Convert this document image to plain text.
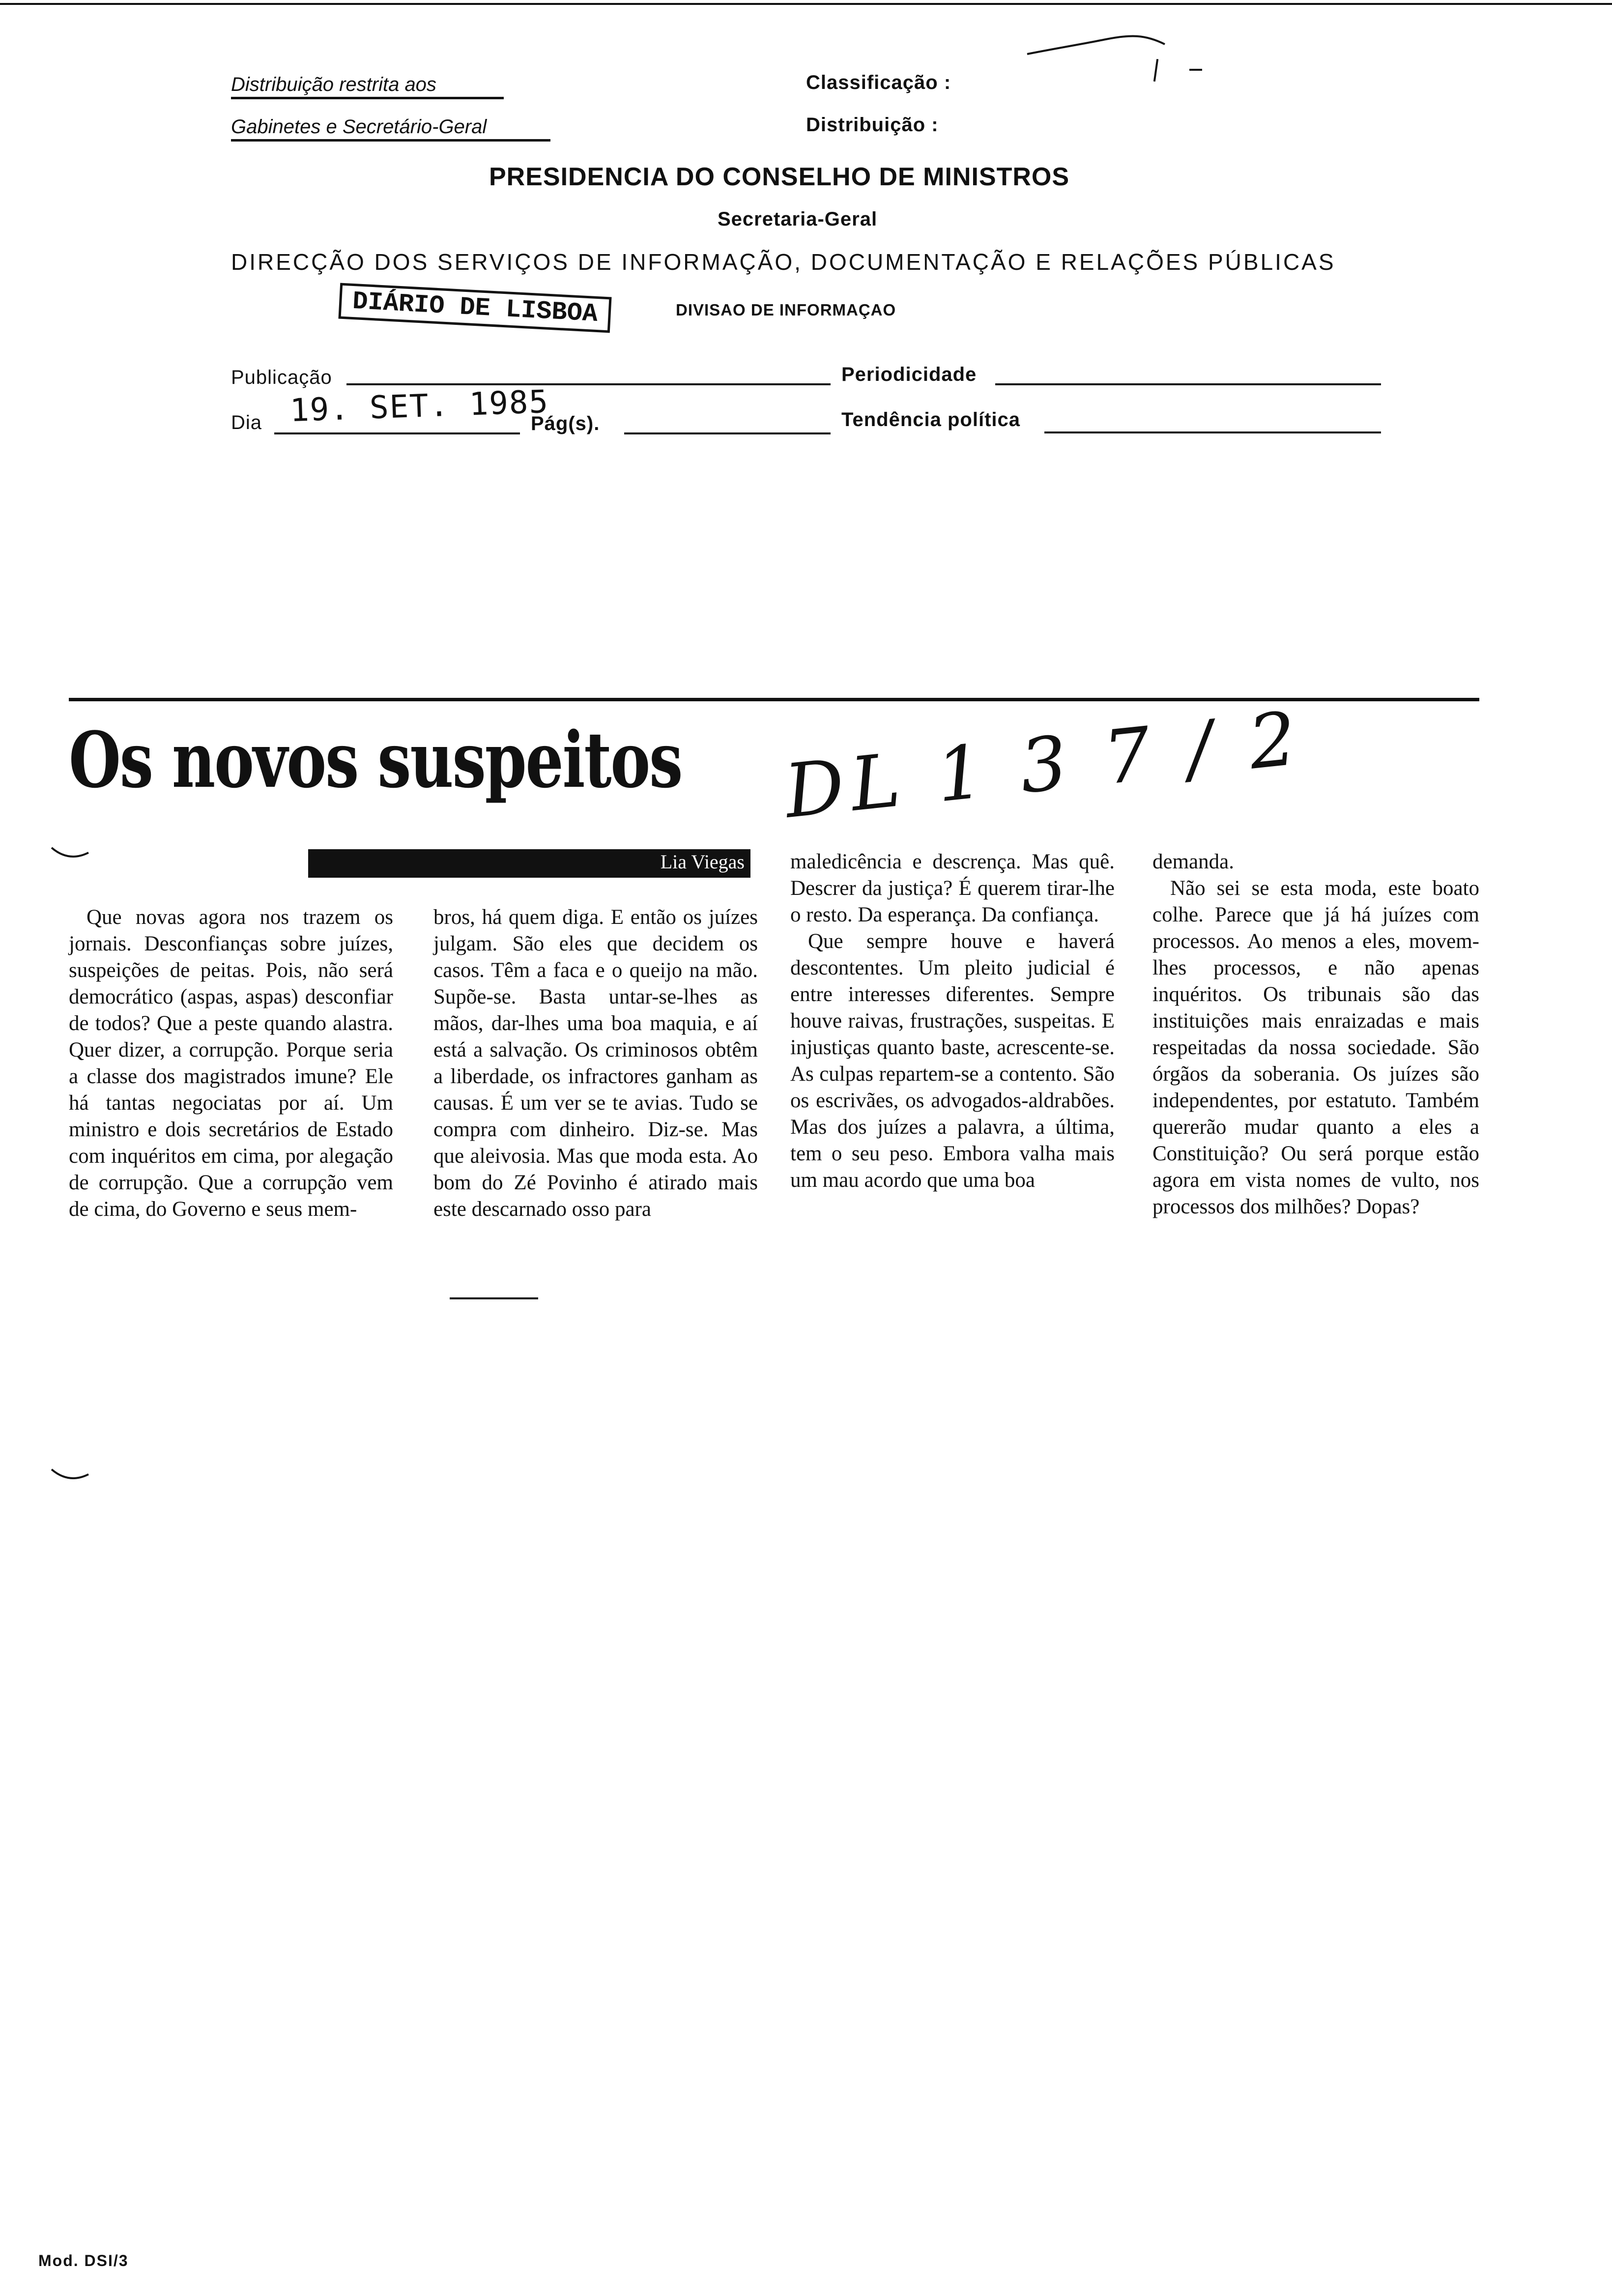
Distribuição restrita aos
Gabinetes e Secretário-Geral
Classificação :
Distribuição :
PRESIDENCIA DO CONSELHO DE MINISTROS
Secretaria-Geral
DIRECÇÃO DOS SERVIÇOS DE INFORMAÇÃO, DOCUMENTAÇÃO E RELAÇÕES PÚBLICAS
DIVISAO DE INFORMAÇAO
DIÁRIO DE LISBOA
Publicação	Periodicidade
Dia 19. SET. 1985
Pág(s).	Tendência política
Os novos suspeitos DL 1 3 7 / 2
Lia Viegas

Que novas agora nos trazem os jornais. Desconfianças sobre juízes, suspeições de peitas. Pois, não será democrático (aspas, aspas) desconfiar de todos? Que a peste quando alastra. Quer dizer, a corrupção. Porque seria a classe dos magistrados imune? Ele há tantas negociatas por aí. Um ministro e dois secretários de Estado com inquéritos em cima, por alegação de corrupção. Que a corrupção vem de cima, do Governo e seus mem-

bros, há quem diga. E então os juízes julgam. São eles que decidem os casos. Têm a faca e o queijo na mão. Supõe-se. Basta untar-se-lhes as mãos, dar-lhes uma boa maquia, e aí está a salvação. Os criminosos obtêm a liberdade, os infractores ganham as causas. É um ver se te avias. Tudo se compra com dinheiro. Diz-se. Mas que aleivosia. Mas que moda esta. Ao bom do Zé Povinho é atirado mais este descarnado osso para

maledicência e descrença. Mas quê. Descrer da justiça? É querem tirar-lhe o resto. Da esperança. Da confiança.

Que sempre houve e haverá descontentes. Um pleito judicial é entre interesses diferentes. Sempre houve raivas, frustrações, suspeitas. E injustiças quanto baste, acrescente-se. As culpas repartem-se a contento. São os escrivães, os advogados-aldrabões. Mas dos juízes a palavra, a última, tem o seu peso. Embora valha mais um mau acordo que uma boa

demanda.

Não sei se esta moda, este boato colhe. Parece que já há juízes com processos. Ao menos a eles, movem-lhes processos, e não apenas inquéritos. Os tribunais são das instituições mais enraizadas e mais respeitadas da nossa sociedade. São órgãos da soberania. Os juízes são independentes, por estatuto. Também quererão mudar quanto a eles a Constituição? Ou será porque estão agora em vista nomes de vulto, nos processos dos milhões? Dopas?

Mod. DSI/3
